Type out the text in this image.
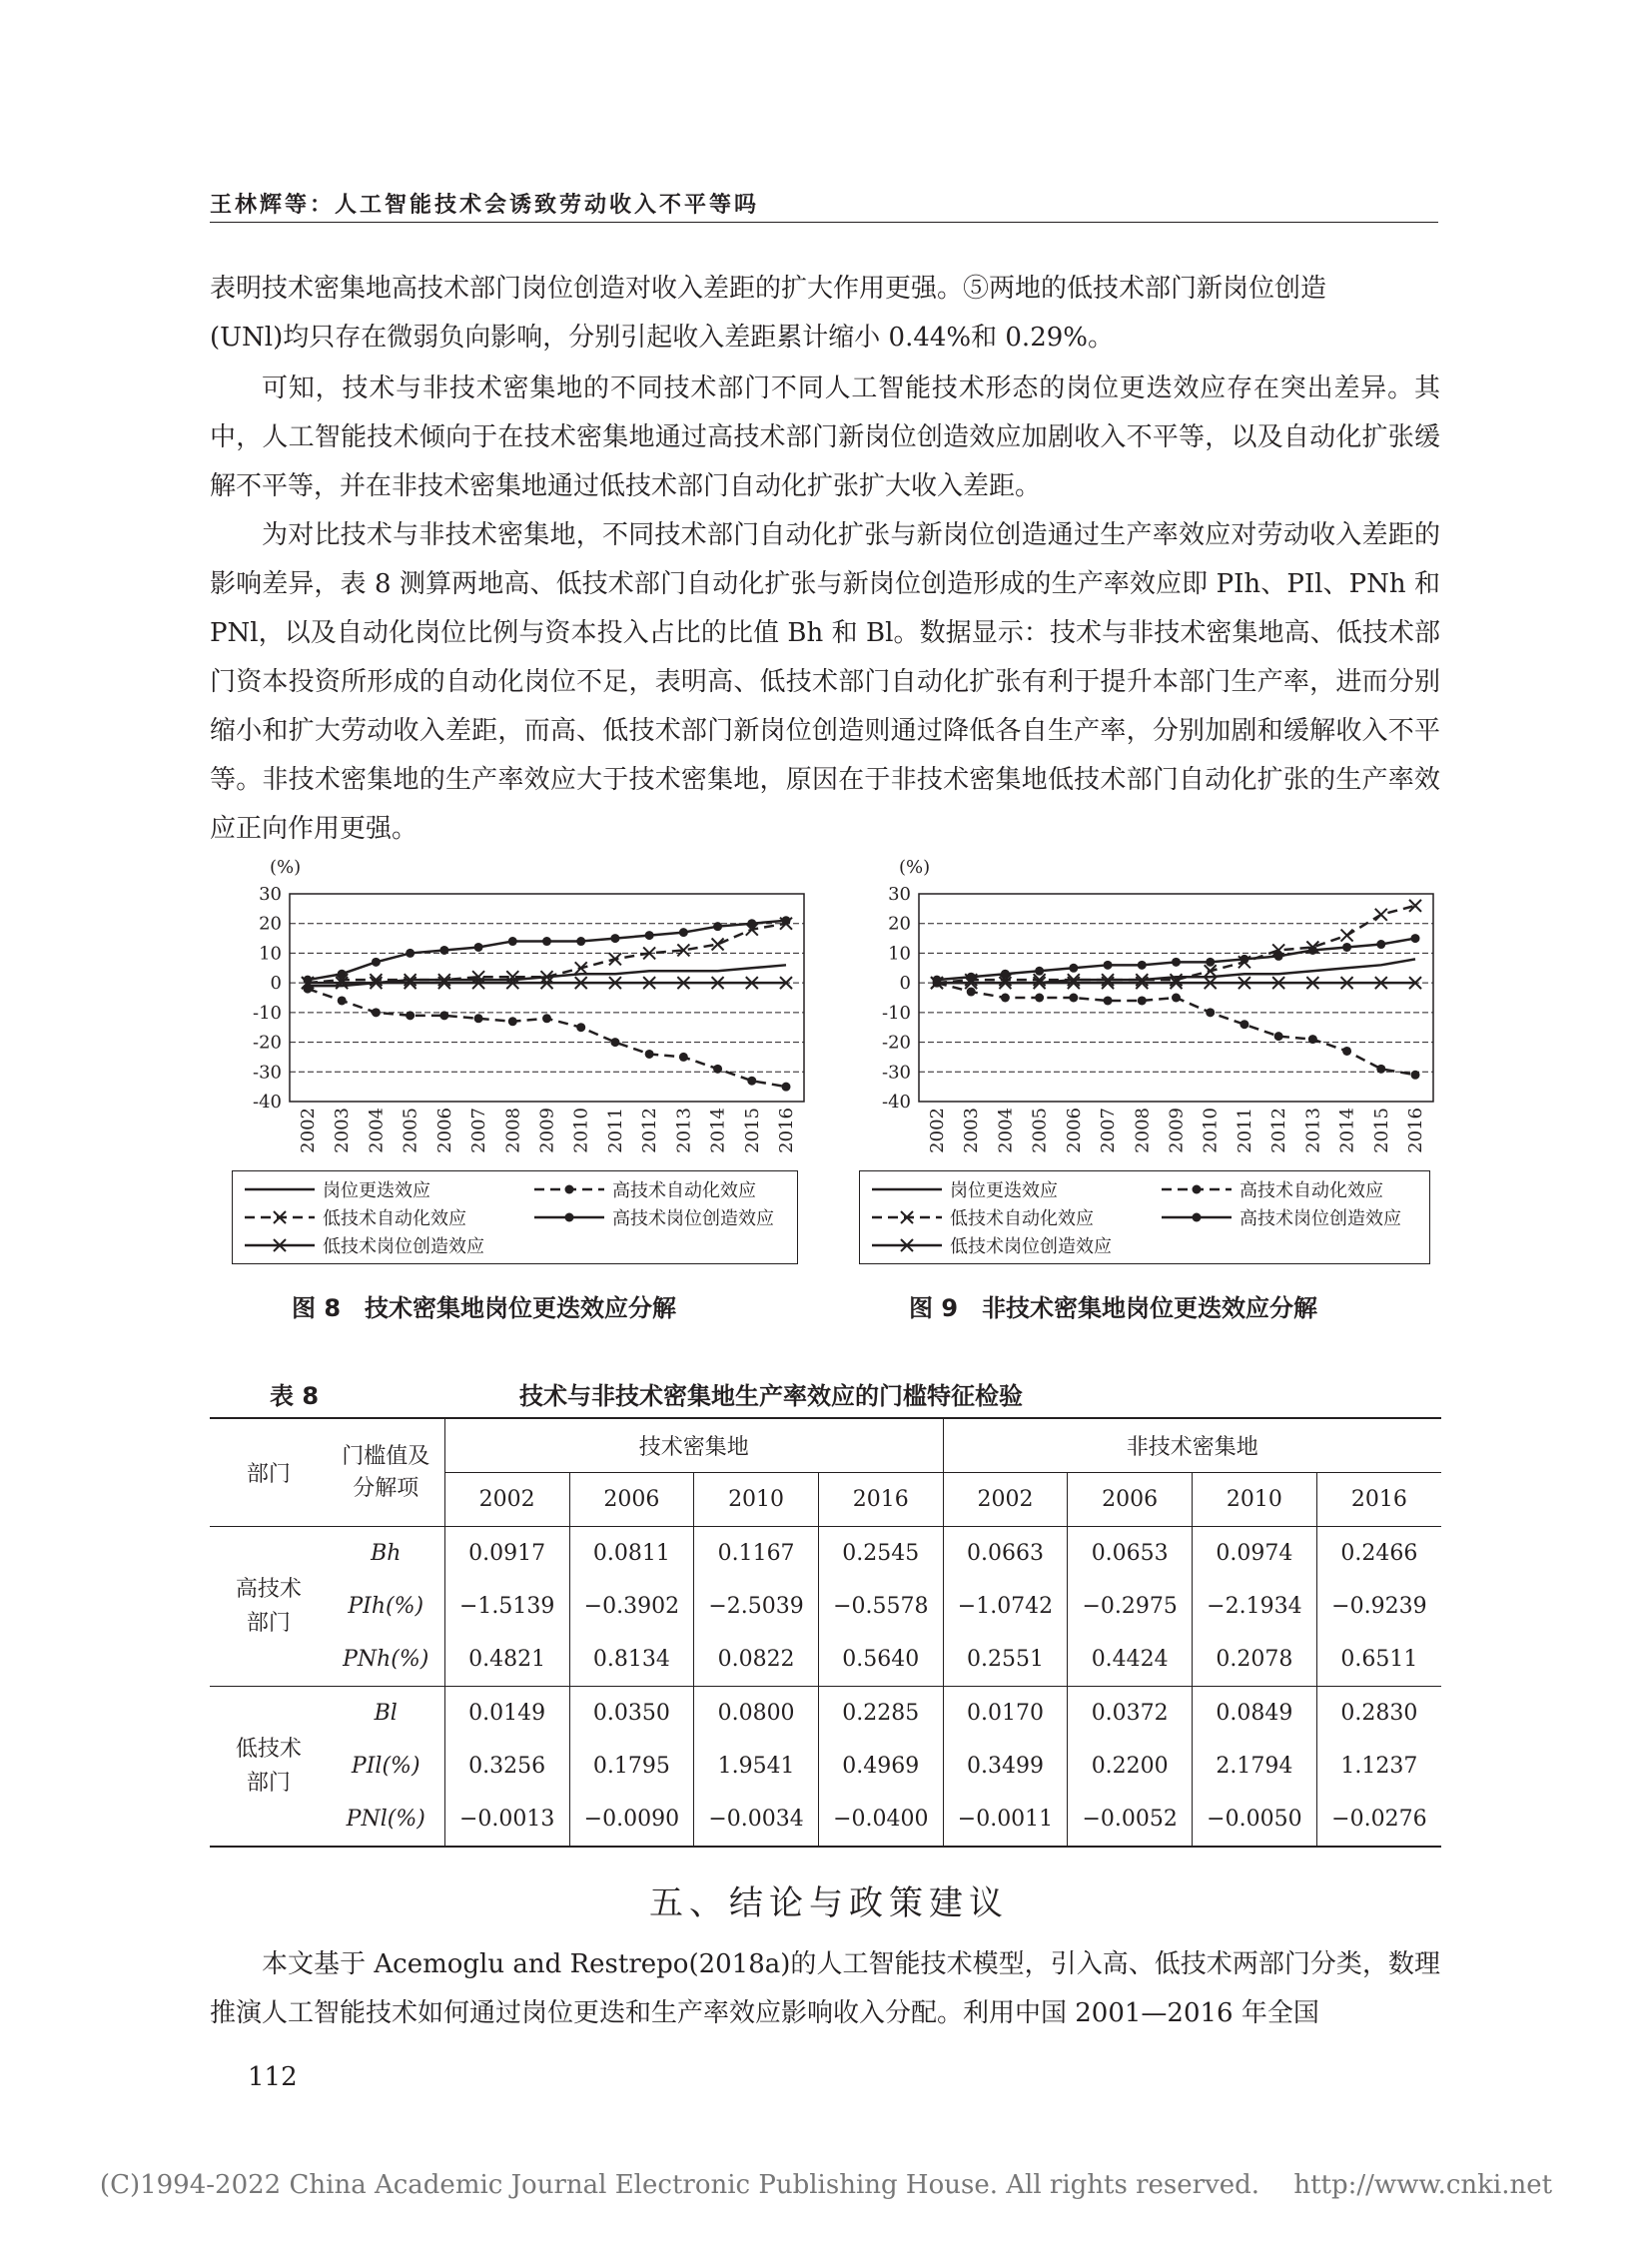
王林辉等：人工智能技术会诱致劳动收入不平等吗

表明技术密集地高技术部门岗位创造对收入差距的扩大作用更强。⑤两地的低技术部门新岗位创造

(UNl)均只存在微弱负向影响，分别引起收入差距累计缩小 0.44%和 0.29%。

可知，技术与非技术密集地的不同技术部门不同人工智能技术形态的岗位更迭效应存在突出差异。其中，人工智能技术倾向于在技术密集地通过高技术部门新岗位创造效应加剧收入不平等，以及自动化扩张缓解不平等，并在非技术密集地通过低技术部门自动化扩张扩大收入差距。

为对比技术与非技术密集地，不同技术部门自动化扩张与新岗位创造通过生产率效应对劳动收入差距的影响差异，表 8 测算两地高、低技术部门自动化扩张与新岗位创造形成的生产率效应即 PIh、PIl、PNh 和 PNl，以及自动化岗位比例与资本投入占比的比值 Bh 和 Bl。数据显示：技术与非技术密集地高、低技术部门资本投资所形成的自动化岗位不足，表明高、低技术部门自动化扩张有利于提升本部门生产率，进而分别缩小和扩大劳动收入差距，而高、低技术部门新岗位创造则通过降低各自生产率，分别加剧和缓解收入不平等。非技术密集地的生产率效应大于技术密集地，原因在于非技术密集地低技术部门自动化扩张的生产率效应正向作用更强。

(%)
30
20
10
0
-10
-20
-30
-40
2002 2003 2004 2005 2006 2007 2008 2009 2010 2011 2012 2013 2014 2015 2016
图 8　技术密集地岗位更迭效应分解
(%)
30
20
10
0
-10
-20
-30
-40
2002 2003 2004 2005 2006 2007 2008 2009 2010 2011 2012 2013 2014 2015 2016
图 9　非技术密集地岗位更迭效应分解
岗位更迭效应	高技术自动化效应
低技术自动化效应	高技术岗位创造效应
低技术岗位创造效应
岗位更迭效应	高技术自动化效应
低技术自动化效应	高技术岗位创造效应
低技术岗位创造效应
表 8	技术与非技术密集地生产率效应的门槛特征检验
部门	门槛值及
分解项	技术密集地				非技术密集地			
		2002	2006	2010	2016	2002	2006	2010	2016

高技术
部门	Bh	0.0917	0.0811	0.1167	0.2545	0.0663	0.0653	0.0974	0.2466
	PIh(%)	−1.5139	−0.3902	−2.5039	−0.5578	−1.0742	−0.2975	−2.1934	−0.9239
	PNh(%)	0.4821	0.8134	0.0822	0.5640	0.2551	0.4424	0.2078	0.6511

低技术
部门	Bl	0.0149	0.0350	0.0800	0.2285	0.0170	0.0372	0.0849	0.2830
	PIl(%)	0.3256	0.1795	1.9541	0.4969	0.3499	0.2200	2.1794	1.1237
	PNl(%)	−0.0013	−0.0090	−0.0034	−0.0400	−0.0011	−0.0052	−0.0050	−0.0276
五、结论与政策建议

本文基于 Acemoglu and Restrepo(2018a)的人工智能技术模型，引入高、低技术两部门分类，数理推演人工智能技术如何通过岗位更迭和生产率效应影响收入分配。利用中国 2001—2016 年全国

112
(C)1994-2022 China Academic Journal Electronic Publishing House. All rights reserved.　 http://www.cnki.net
